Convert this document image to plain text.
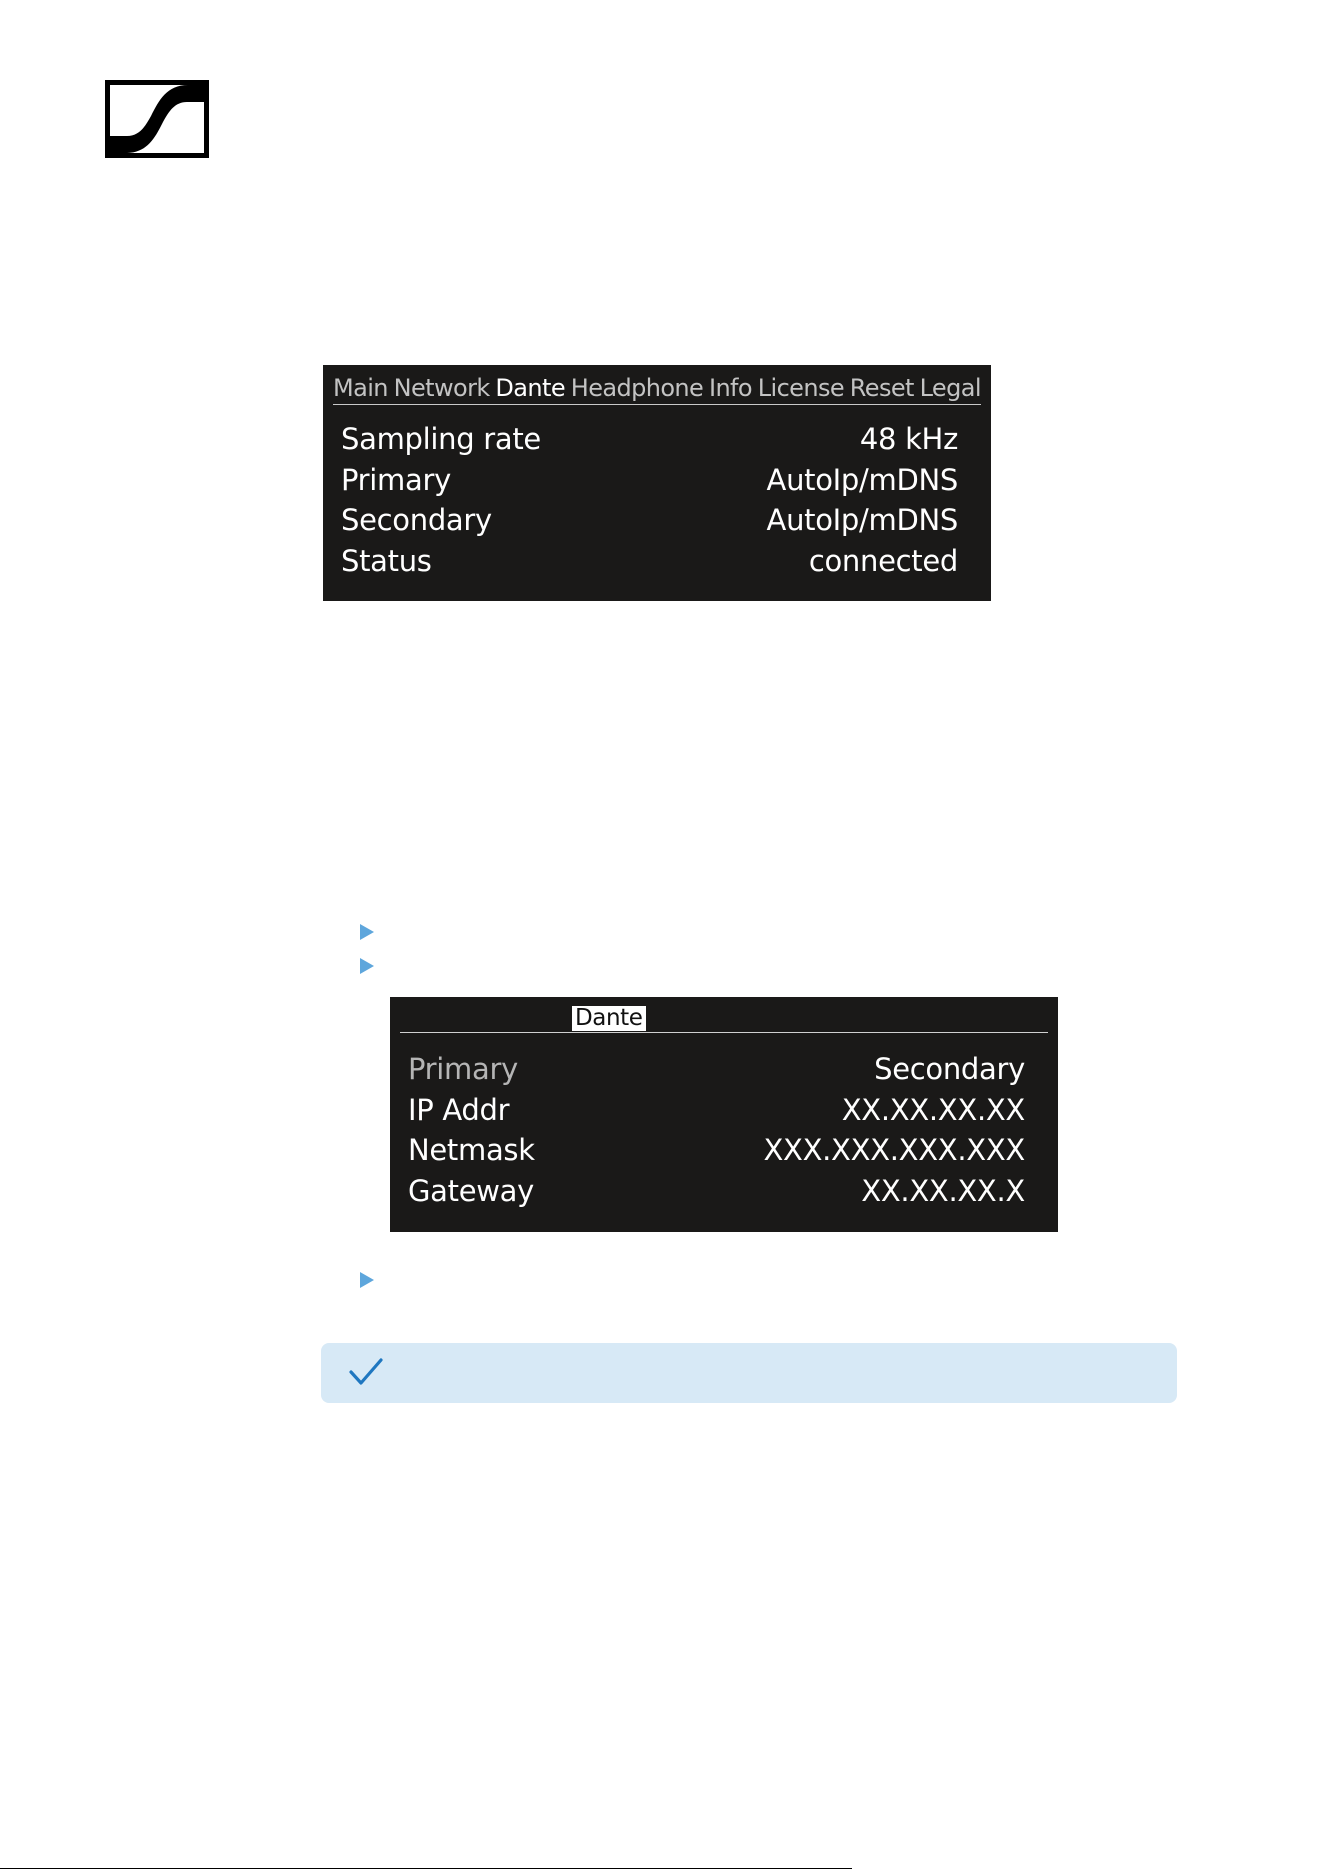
Main Network Dante Headphone Info License Reset Legal
Sampling rate	48 kHz
Primary	AutoIp/mDNS
Secondary	AutoIp/mDNS
Status	connected
Dante
Primary	Secondary
IP Addr	XX.XX.XX.XX
Netmask	XXX.XXX.XXX.XXX
Gateway	XX.XX.XX.X
